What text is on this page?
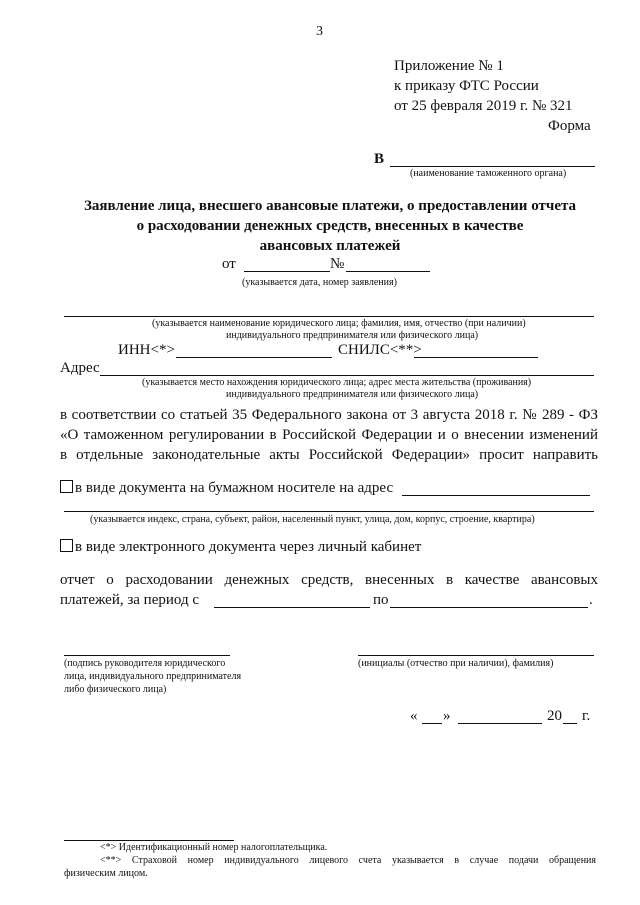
3
Приложение № 1
к приказу ФТС России
от 25 февраля 2019 г. № 321
Форма
В
(наименование таможенного органа)
Заявление лица, внесшего авансовые платежи, о предоставлении отчета
о расходовании денежных средств, внесенных в качестве
авансовых платежей
от	№
(указывается дата, номер заявления)
(указывается наименование юридического лица; фамилия, имя, отчество (при наличии)
индивидуального предпринимателя или физического лица)
ИНН<*>	СНИЛС<**>
Адрес
(указывается место нахождения юридического лица; адрес места жительства (проживания)
индивидуального предпринимателя или физического лица)
в соответствии со статьей 35 Федерального закона от 3 августа 2018 г. № 289 - ФЗ
«О таможенном регулировании в Российской Федерации и о внесении изменений
в отдельные законодательные акты Российской Федерации» просит направить
в виде документа на бумажном носителе на адрес
(указывается индекс, страна, субъект, район, населенный пункт, улица, дом, корпус, строение, квартира)
в виде электронного документа через личный кабинет
отчет о расходовании денежных средств, внесенных в качестве авансовых
платежей, за период с	по	.
(подпись руководителя юридического
лица, индивидуального предпринимателя
либо физического лица)
(инициалы (отчество при наличии), фамилия)
« »	20 г.
<*> Идентификационный номер налогоплательщика.
<**> Страховой номер индивидуального лицевого счета указывается в случае подачи обращения
физическим лицом.
